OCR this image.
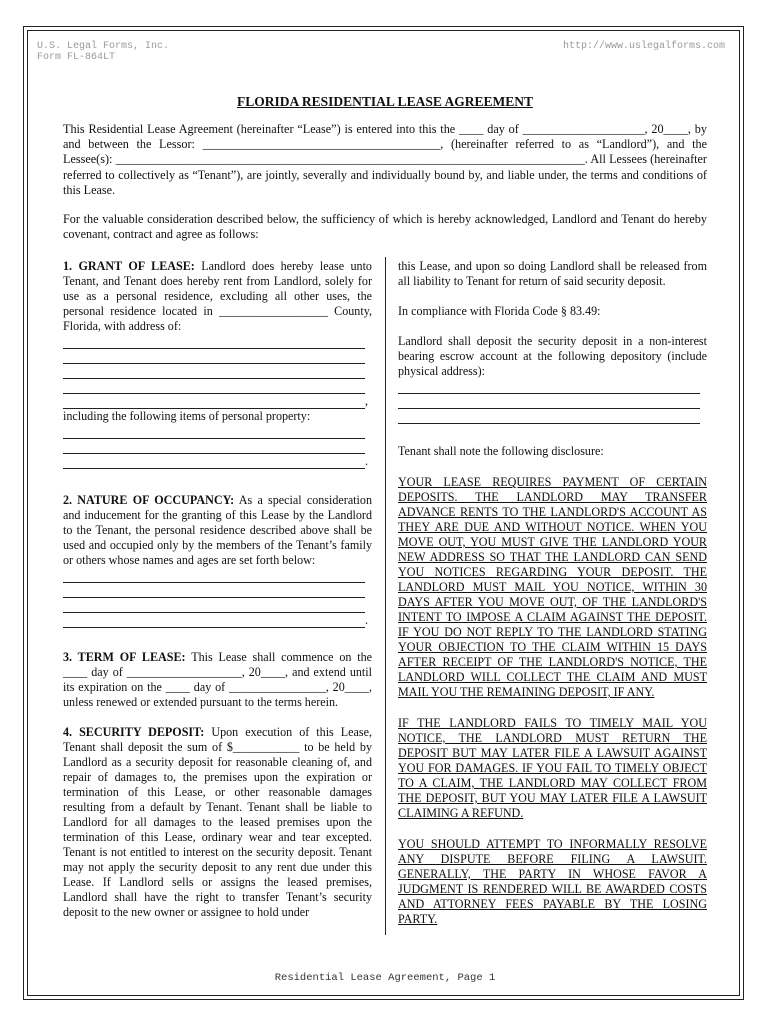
U.S. Legal Forms, Inc.
Form FL-864LT
http://www.uslegalforms.com
FLORIDA RESIDENTIAL LEASE AGREEMENT

This Residential Lease Agreement (hereinafter “Lease”) is entered into this the ____ day of ____________________, 20____, by and between the Lessor: _______________________________________, (hereinafter referred to as “Landlord”), and the Lessee(s): _____________________________________________________________________________. All Lessees (hereinafter referred to collectively as “Tenant”), are jointly, severally and individually bound by, and liable under, the terms and conditions of this Lease.

For the valuable consideration described below, the sufficiency of which is hereby acknowledged, Landlord and Tenant do hereby covenant, contract and agree as follows:

1. GRANT OF LEASE: Landlord does hereby lease unto Tenant, and Tenant does hereby rent from Landlord, solely for use as a personal residence, excluding all other uses, the personal residence located in __________________ County, Florida, with address of:

,

including the following items of personal property:

.

2. NATURE OF OCCUPANCY: As a special consideration and inducement for the granting of this Lease by the Landlord to the Tenant, the personal residence described above shall be used and occupied only by the members of the Tenant’s family or others whose names and ages are set forth below:

.

3. TERM OF LEASE: This Lease shall commence on the ____ day of ___________________, 20____, and extend until its expiration on the ____ day of ________________, 20____, unless renewed or extended pursuant to the terms herein.

4. SECURITY DEPOSIT: Upon execution of this Lease, Tenant shall deposit the sum of $___________ to be held by Landlord as a security deposit for reasonable cleaning of, and repair of damages to, the premises upon the expiration or termination of this Lease, or other reasonable damages resulting from a default by Tenant. Tenant shall be liable to Landlord for all damages to the leased premises upon the termination of this Lease, ordinary wear and tear excepted. Tenant is not entitled to interest on the security deposit. Tenant may not apply the security deposit to any rent due under this Lease. If Landlord sells or assigns the leased premises, Landlord shall have the right to transfer Tenant’s security deposit to the new owner or assignee to hold under

this Lease, and upon so doing Landlord shall be released from all liability to Tenant for return of said security deposit.

In compliance with Florida Code § 83.49:

Landlord shall deposit the security deposit in a non-interest bearing escrow account at the following depository (include physical address):

Tenant shall note the following disclosure:

YOUR LEASE REQUIRES PAYMENT OF CERTAIN DEPOSITS. THE LANDLORD MAY TRANSFER ADVANCE RENTS TO THE LANDLORD'S ACCOUNT AS THEY ARE DUE AND WITHOUT NOTICE. WHEN YOU MOVE OUT, YOU MUST GIVE THE LANDLORD YOUR NEW ADDRESS SO THAT THE LANDLORD CAN SEND YOU NOTICES REGARDING YOUR DEPOSIT. THE LANDLORD MUST MAIL YOU NOTICE, WITHIN 30 DAYS AFTER YOU MOVE OUT, OF THE LANDLORD'S INTENT TO IMPOSE A CLAIM AGAINST THE DEPOSIT. IF YOU DO NOT REPLY TO THE LANDLORD STATING YOUR OBJECTION TO THE CLAIM WITHIN 15 DAYS AFTER RECEIPT OF THE LANDLORD'S NOTICE, THE LANDLORD WILL COLLECT THE CLAIM AND MUST MAIL YOU THE REMAINING DEPOSIT, IF ANY.

IF THE LANDLORD FAILS TO TIMELY MAIL YOU NOTICE, THE LANDLORD MUST RETURN THE DEPOSIT BUT MAY LATER FILE A LAWSUIT AGAINST YOU FOR DAMAGES. IF YOU FAIL TO TIMELY OBJECT TO A CLAIM, THE LANDLORD MAY COLLECT FROM THE DEPOSIT, BUT YOU MAY LATER FILE A LAWSUIT CLAIMING A REFUND.

YOU SHOULD ATTEMPT TO INFORMALLY RESOLVE ANY DISPUTE BEFORE FILING A LAWSUIT. GENERALLY, THE PARTY IN WHOSE FAVOR A JUDGMENT IS RENDERED WILL BE AWARDED COSTS AND ATTORNEY FEES PAYABLE BY THE LOSING PARTY.

Residential Lease Agreement, Page 1
